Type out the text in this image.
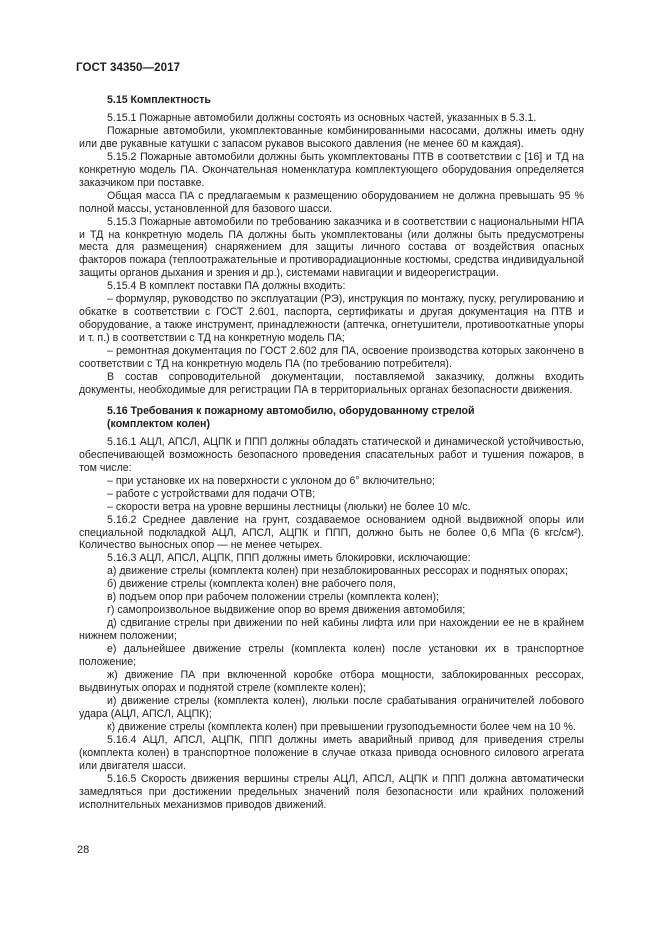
ГОСТ 34350—2017
5.15 Комплектность

5.15.1 Пожарные автомобили должны состоять из основных частей, указанных в 5.3.1.

Пожарные автомобили, укомплектованные комбинированными насосами, должны иметь одну или две рукавные катушки с запасом рукавов высокого давления (не менее 60 м каждая).

5.15.2 Пожарные автомобили должны быть укомплектованы ПТВ в соответствии с [16] и ТД на конкретную модель ПА. Окончательная номенклатура комплектующего оборудования определяется заказчиком при поставке.

Общая масса ПА с предлагаемым к размещению оборудованием не должна превышать 95 % полной массы, установленной для базового шасси.

5.15.3 Пожарные автомобили по требованию заказчика и в соответствии с национальными НПА и ТД на конкретную модель ПА должны быть укомплектованы (или должны быть предусмотрены места для размещения) снаряжением для защиты личного состава от воздействия опасных факторов пожара (теплоотражательные и противорадиационные костюмы, средства индивидуальной защиты органов дыхания и зрения и др.), системами навигации и видеорегистрации.

5.15.4 В комплект поставки ПА должны входить:

– формуляр, руководство по эксплуатации (РЭ), инструкция по монтажу, пуску, регулированию и обкатке в соответствии с ГОСТ 2.601, паспорта, сертификаты и другая документация на ПТВ и оборудование, а также инструмент, принадлежности (аптечка, огнетушители, противооткатные упоры и т. п.) в соответствии с ТД на конкретную модель ПА;

– ремонтная документация по ГОСТ 2.602 для ПА, освоение производства которых закончено в соответствии с ТД на конкретную модель ПА (по требованию потребителя).

В состав сопроводительной документации, поставляемой заказчику, должны входить документы, необходимые для регистрации ПА в территориальных органах безопасности движения.

5.16 Требования к пожарному автомобилю, оборудованному стрелой
(комплектом колен)

5.16.1 АЦЛ, АПСЛ, АЦПК и ППП должны обладать статической и динамической устойчивостью, обеспечивающей возможность безопасного проведения спасательных работ и тушения пожаров, в том числе:

– при установке их на поверхности с уклоном до 6° включительно;

– работе с устройствами для подачи ОТВ;

– скорости ветра на уровне вершины лестницы (люльки) не более 10 м/с.

5.16.2 Среднее давление на грунт, создаваемое основанием одной выдвижной опоры или специальной подкладкой АЦЛ, АПСЛ, АЦПК и ППП, должно быть не более 0,6 МПа (6 кгс/см²). Количество выносных опор — не менее четырех.

5.16.3 АЦЛ, АПСЛ, АЦПК, ППП должны иметь блокировки, исключающие:

а) движение стрелы (комплекта колен) при незаблокированных рессорах и поднятых опорах;

б) движение стрелы (комплекта колен) вне рабочего поля,

в) подъем опор при рабочем положении стрелы (комплекта колен);

г) самопроизвольное выдвижение опор во время движения автомобиля;

д) сдвигание стрелы при движении по ней кабины лифта или при нахождении ее не в крайнем нижнем положении;

е) дальнейшее движение стрелы (комплекта колен) после установки их в транспортное положение;

ж) движение ПА при включенной коробке отбора мощности, заблокированных рессорах, выдвинутых опорах и поднятой стреле (комплекте колен);

и) движение стрелы (комплекта колен), люльки после срабатывания ограничителей лобового удара (АЦЛ, АПСЛ, АЦПК);

к) движение стрелы (комплекта колен) при превышении грузоподъемности более чем на 10 %.

5.16.4 АЦЛ, АПСЛ, АЦПК, ППП должны иметь аварийный привод для приведения стрелы (комплекта колен) в транспортное положение в случае отказа привода основного силового агрегата или двигателя шасси.

5.16.5 Скорость движения вершины стрелы АЦЛ, АПСЛ, АЦПК и ППП должна автоматически замедляться при достижении предельных значений поля безопасности или крайних положений исполнительных механизмов приводов движений.

28
